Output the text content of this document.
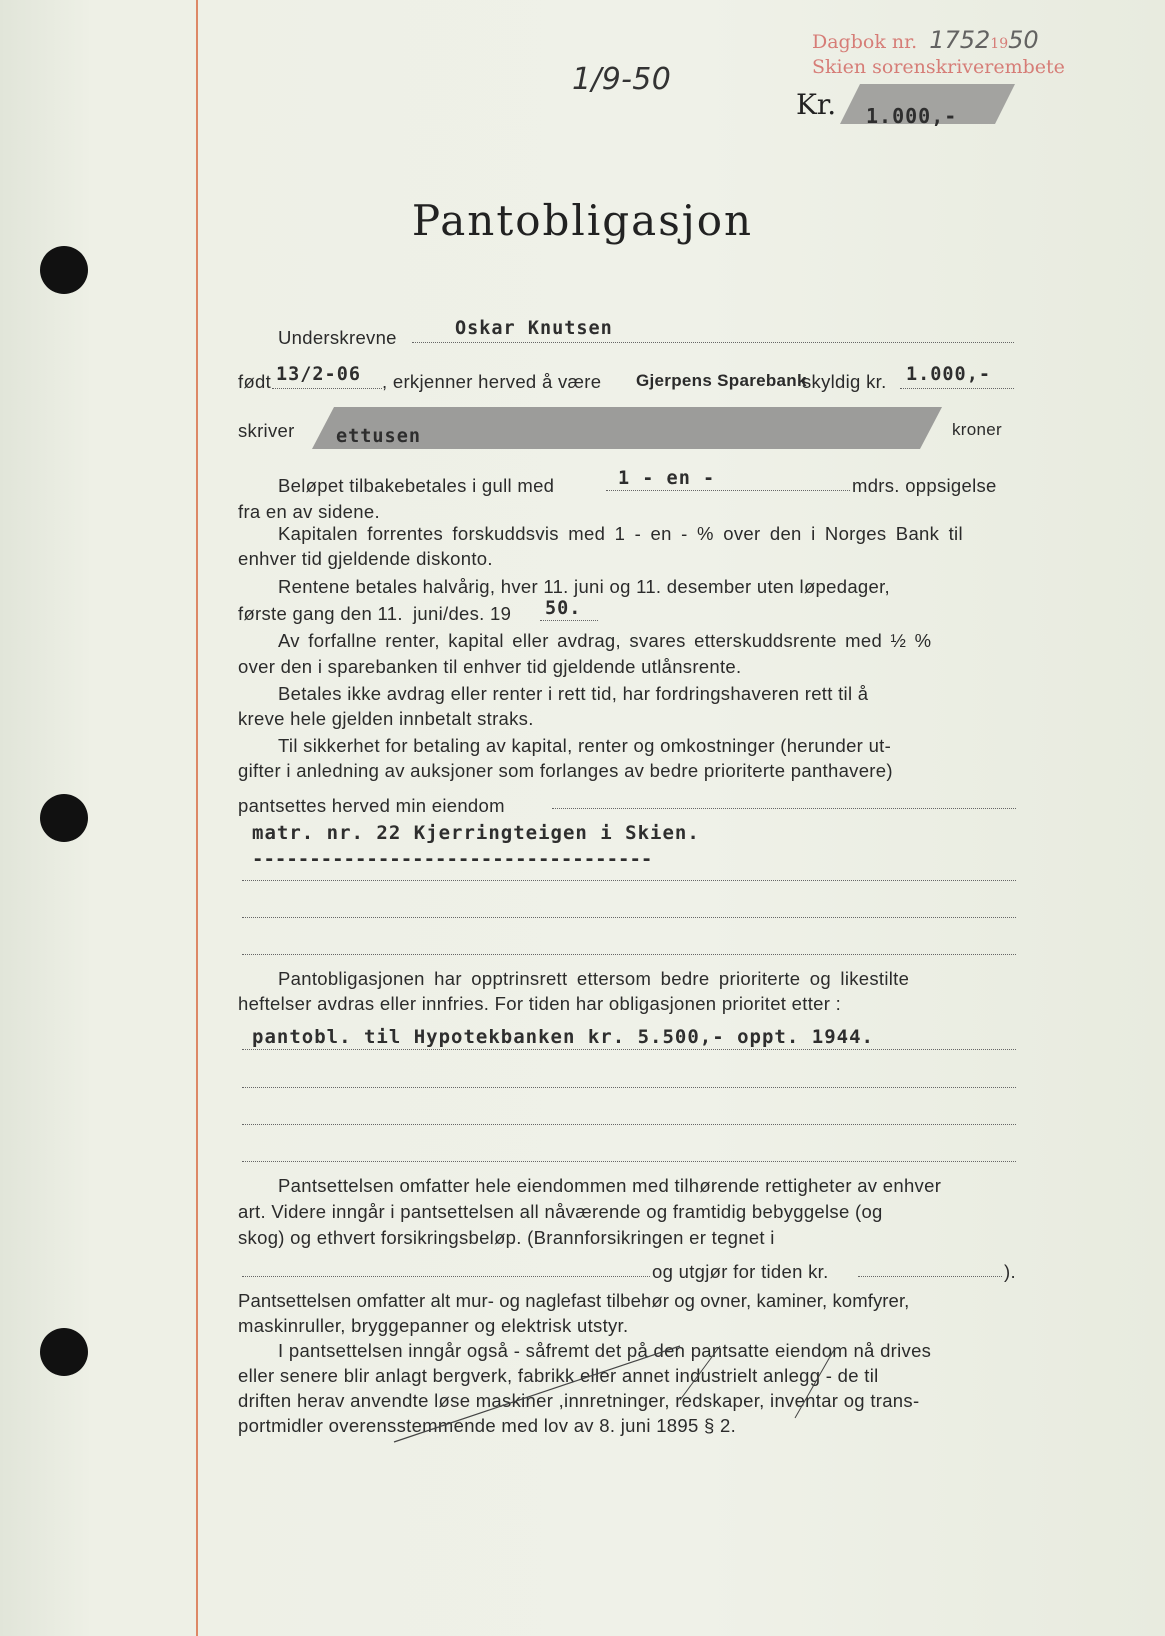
Dagbok nr. 17521950
Skien sorenskriverembete
1/9-50
Kr. 1.000,-
Pantobligasjon
Underskrevne	Oskar Knutsen
født 13/2-06 , erkjenner herved å være Gjerpens Sparebank
skyldig kr. 1.000,-
skriver ettusen	kroner
Beløpet tilbakebetales i gull med	1 - en -	mdrs. oppsigelse
fra en av sidene.
Kapitalen forrentes forskuddsvis med 1 - en - % over den i Norges Bank til
enhver tid gjeldende diskonto.
Rentene betales halvårig, hver 11. juni og 11. desember uten løpedager,
første gang den 11. juni/des. 19 50.
Av forfallne renter, kapital eller avdrag, svares etterskuddsrente med ½ %
over den i sparebanken til enhver tid gjeldende utlånsrente.
Betales ikke avdrag eller renter i rett tid, har fordringshaveren rett til å
kreve hele gjelden innbetalt straks.
Til sikkerhet for betaling av kapital, renter og omkostninger (herunder ut-
gifter i anledning av auksjoner som forlanges av bedre prioriterte panthavere)
pantsettes herved min eiendom
matr. nr. 22 Kjerringteigen i Skien.
-----------------------------------
Pantobligasjonen har opptrinsrett ettersom bedre prioriterte og likestilte
heftelser avdras eller innfries. For tiden har obligasjonen prioritet etter :
pantobl. til Hypotekbanken kr. 5.500,- oppt. 1944.
Pantsettelsen omfatter hele eiendommen med tilhørende rettigheter av enhver
art. Videre inngår i pantsettelsen all nåværende og framtidig bebyggelse (og
skog) og ethvert forsikringsbeløp. (Brannforsikringen er tegnet i
og utgjør for tiden kr.	).
Pantsettelsen omfatter alt mur- og naglefast tilbehør og ovner, kaminer, komfyrer,
maskinruller, bryggepanner og elektrisk utstyr.
I pantsettelsen inngår også - såfremt det på den pantsatte eiendom nå drives
eller senere blir anlagt bergverk, fabrikk eller annet industrielt anlegg - de til
driften herav anvendte løse maskiner ,innretninger, redskaper, inventar og trans-
portmidler overensstemmende med lov av 8. juni 1895 § 2.
